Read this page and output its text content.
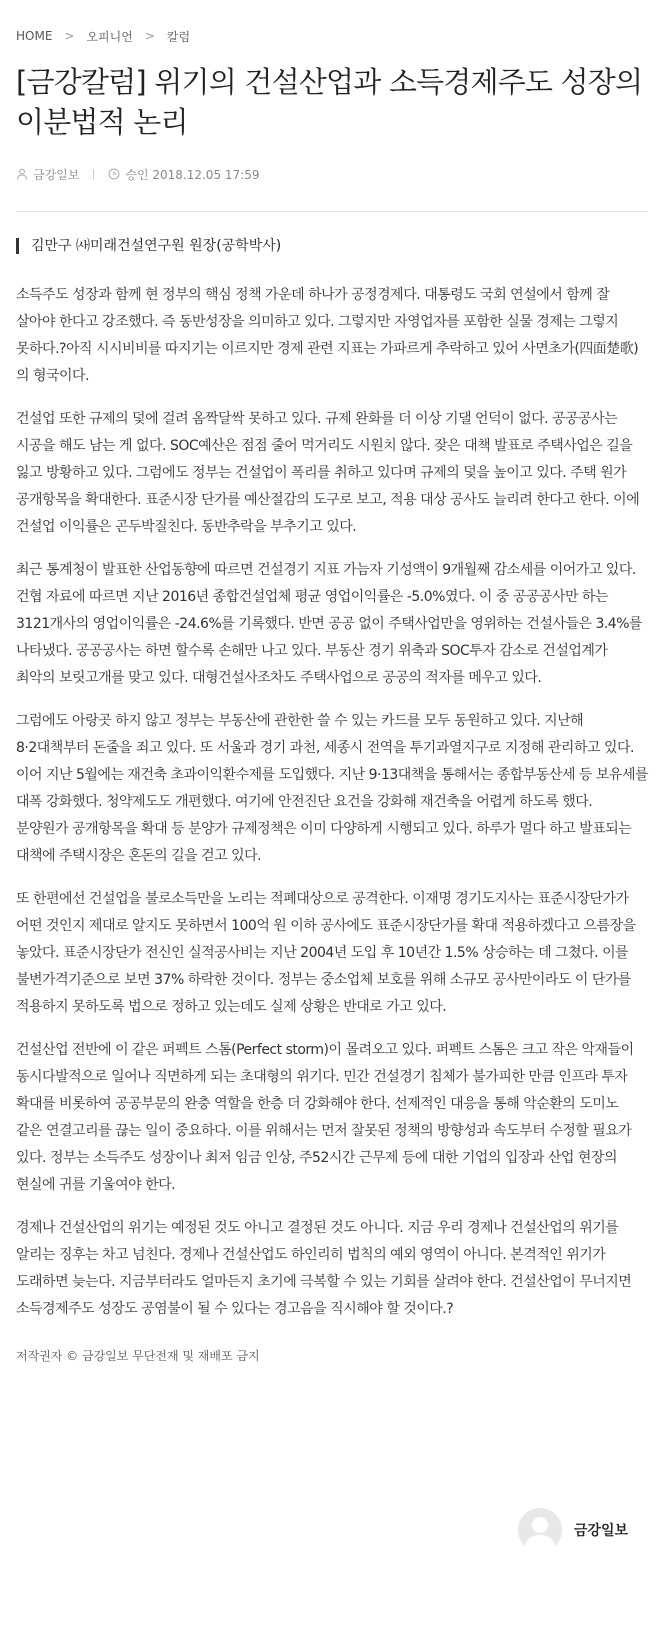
HOME > 오피니언 > 칼럼
[금강칼럼] 위기의 건설산업과 소득경제주도 성장의 이분법적 논리
금강일보	승인 2018.12.05 17:59
김만구 ㈔미래건설연구원 원장(공학박사)

소득주도 성장과 함께 현 정부의 핵심 정책 가운데 하나가 공정경제다. 대통령도 국회 연설에서 함께 잘 살아야 한다고 강조했다. 즉 동반성장을 의미하고 있다. 그렇지만 자영업자를 포함한 실물 경제는 그렇지 못하다.?아직 시시비비를 따지기는 이르지만 경제 관련 지표는 가파르게 추락하고 있어 사면초가(四面楚歌)의 형국이다.

건설업 또한 규제의 덫에 걸려 옴짝달싹 못하고 있다. 규제 완화를 더 이상 기댈 언덕이 없다. 공공공사는 시공을 해도 남는 게 없다. SOC예산은 점점 줄어 먹거리도 시원치 않다. 잦은 대책 발표로 주택사업은 길을 잃고 방황하고 있다. 그럼에도 정부는 건설업이 폭리를 취하고 있다며 규제의 덫을 높이고 있다. 주택 원가 공개항목을 확대한다. 표준시장 단가를 예산절감의 도구로 보고, 적용 대상 공사도 늘리려 한다고 한다. 이에 건설업 이익률은 곤두박질친다. 동반추락을 부추기고 있다.

최근 통계청이 발표한 산업동향에 따르면 건설경기 지표 가늠자 기성액이 9개월째 감소세를 이어가고 있다. 건협 자료에 따르면 지난 2016년 종합건설업체 평균 영업이익률은 -5.0%였다. 이 중 공공공사만 하는 3121개사의 영업이익률은 -24.6%를 기록했다. 반면 공공 없이 주택사업만을 영위하는 건설사들은 3.4%를 나타냈다. 공공공사는 하면 할수록 손해만 나고 있다. 부동산 경기 위축과 SOC투자 감소로 건설업계가 최악의 보릿고개를 맞고 있다. 대형건설사조차도 주택사업으로 공공의 적자를 메우고 있다.

그럼에도 아랑곳 하지 않고 정부는 부동산에 관한한 쓸 수 있는 카드를 모두 동원하고 있다. 지난해 8·2대책부터 돈줄을 죄고 있다. 또 서울과 경기 과천, 세종시 전역을 투기과열지구로 지정해 관리하고 있다. 이어 지난 5월에는 재건축 초과이익환수제를 도입했다. 지난 9·13대책을 통해서는 종합부동산세 등 보유세를 대폭 강화했다. 청약제도도 개편했다. 여기에 안전진단 요건을 강화해 재건축을 어렵게 하도록 했다. 분양원가 공개항목을 확대 등 분양가 규제정책은 이미 다양하게 시행되고 있다. 하루가 멀다 하고 발표되는 대책에 주택시장은 혼돈의 길을 걷고 있다.

또 한편에선 건설업을 불로소득만을 노리는 적폐대상으로 공격한다. 이재명 경기도지사는 표준시장단가가 어떤 것인지 제대로 알지도 못하면서 100억 원 이하 공사에도 표준시장단가를 확대 적용하겠다고 으름장을 놓았다. 표준시장단가 전신인 실적공사비는 지난 2004년 도입 후 10년간 1.5% 상승하는 데 그쳤다. 이를 불변가격기준으로 보면 37% 하락한 것이다. 정부는 중소업체 보호를 위해 소규모 공사만이라도 이 단가를 적용하지 못하도록 법으로 정하고 있는데도 실제 상황은 반대로 가고 있다.

건설산업 전반에 이 같은 퍼펙트 스톰(Perfect storm)이 몰려오고 있다. 퍼펙트 스톰은 크고 작은 악재들이 동시다발적으로 일어나 직면하게 되는 초대형의 위기다. 민간 건설경기 침체가 불가피한 만큼 인프라 투자 확대를 비롯하여 공공부문의 완충 역할을 한층 더 강화해야 한다. 선제적인 대응을 통해 악순환의 도미노 같은 연결고리를 끊는 일이 중요하다. 이를 위해서는 먼저 잘못된 정책의 방향성과 속도부터 수정할 필요가 있다. 정부는 소득주도 성장이나 최저 임금 인상, 주52시간 근무제 등에 대한 기업의 입장과 산업 현장의 현실에 귀를 기울여야 한다.

경제나 건설산업의 위기는 예정된 것도 아니고 결정된 것도 아니다. 지금 우리 경제나 건설산업의 위기를 알리는 징후는 차고 넘친다. 경제나 건설산업도 하인리히 법칙의 예외 영역이 아니다. 본격적인 위기가 도래하면 늦는다. 지금부터라도 얼마든지 초기에 극복할 수 있는 기회를 살려야 한다. 건설산업이 무너지면 소득경제주도 성장도 공염불이 될 수 있다는 경고음을 직시해야 할 것이다.?

저작권자 © 금강일보 무단전재 및 재배포 금지
금강일보
